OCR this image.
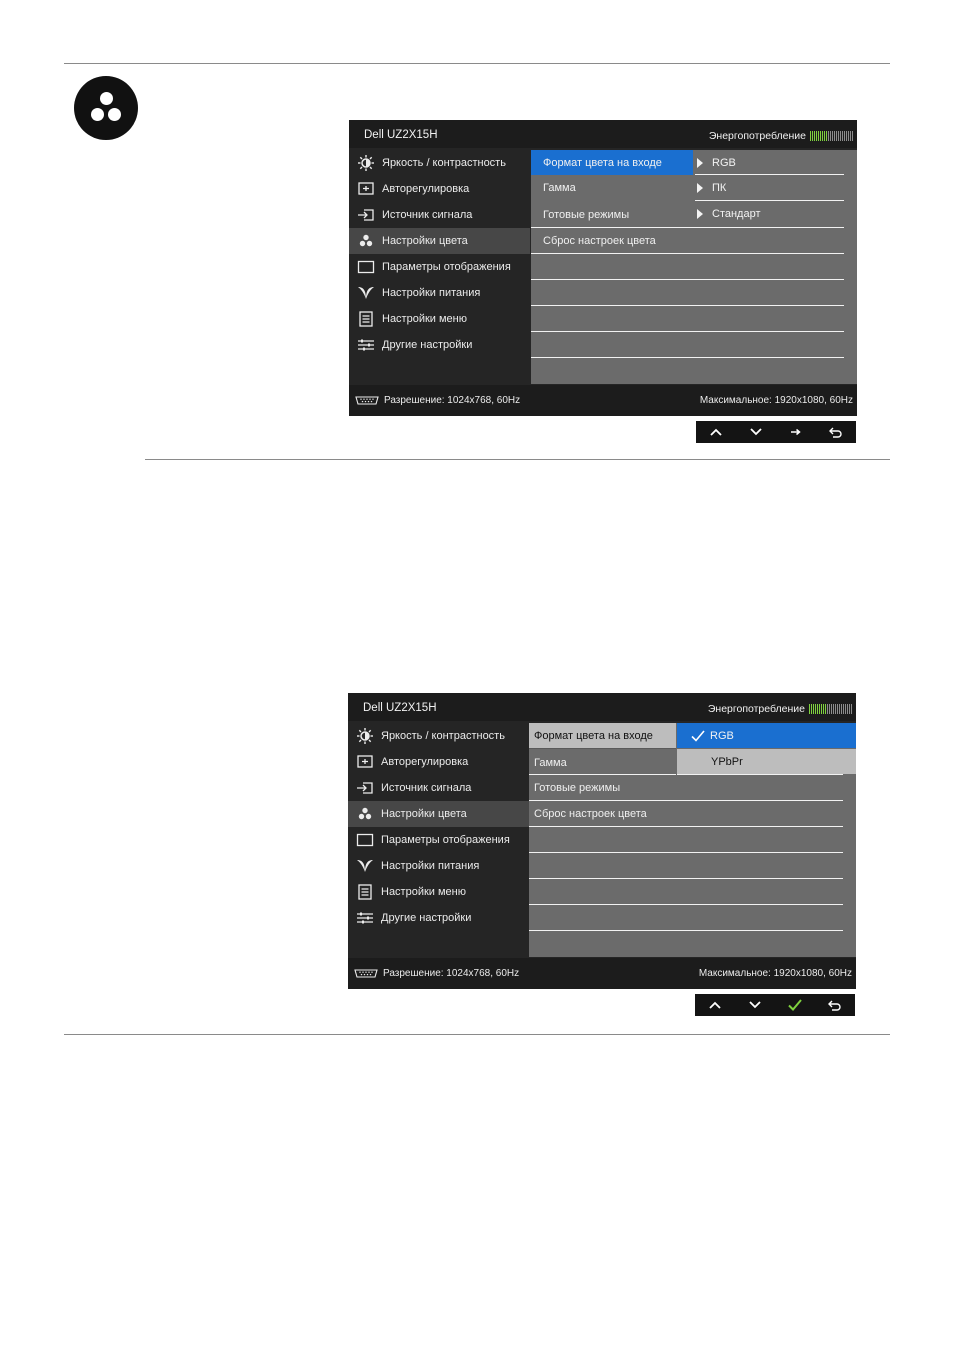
Dell UZ2X15H	Энергопотребление
Яркость / контрастность
Авторегулировка
Источник сигнала
Настройки цвета
Параметры отображения
Настройки питания
Настройки меню
Другие настройки
Формат цвета на входе
Гамма
Готовые режимы
Сброс настроек цвета
RGB
ПК
Стандарт
Разрешение: 1024x768, 60Hz	Максимальное: 1920x1080, 60Hz
Dell UZ2X15H	Энергопотребление
Яркость / контрастность
Авторегулировка
Источник сигнала
Настройки цвета
Параметры отображения
Настройки питания
Настройки меню
Другие настройки
Формат цвета на входе
Гамма
Готовые режимы
Сброс настроек цвета
RGB
YPbPr
Разрешение: 1024x768, 60Hz	Максимальное: 1920x1080, 60Hz
